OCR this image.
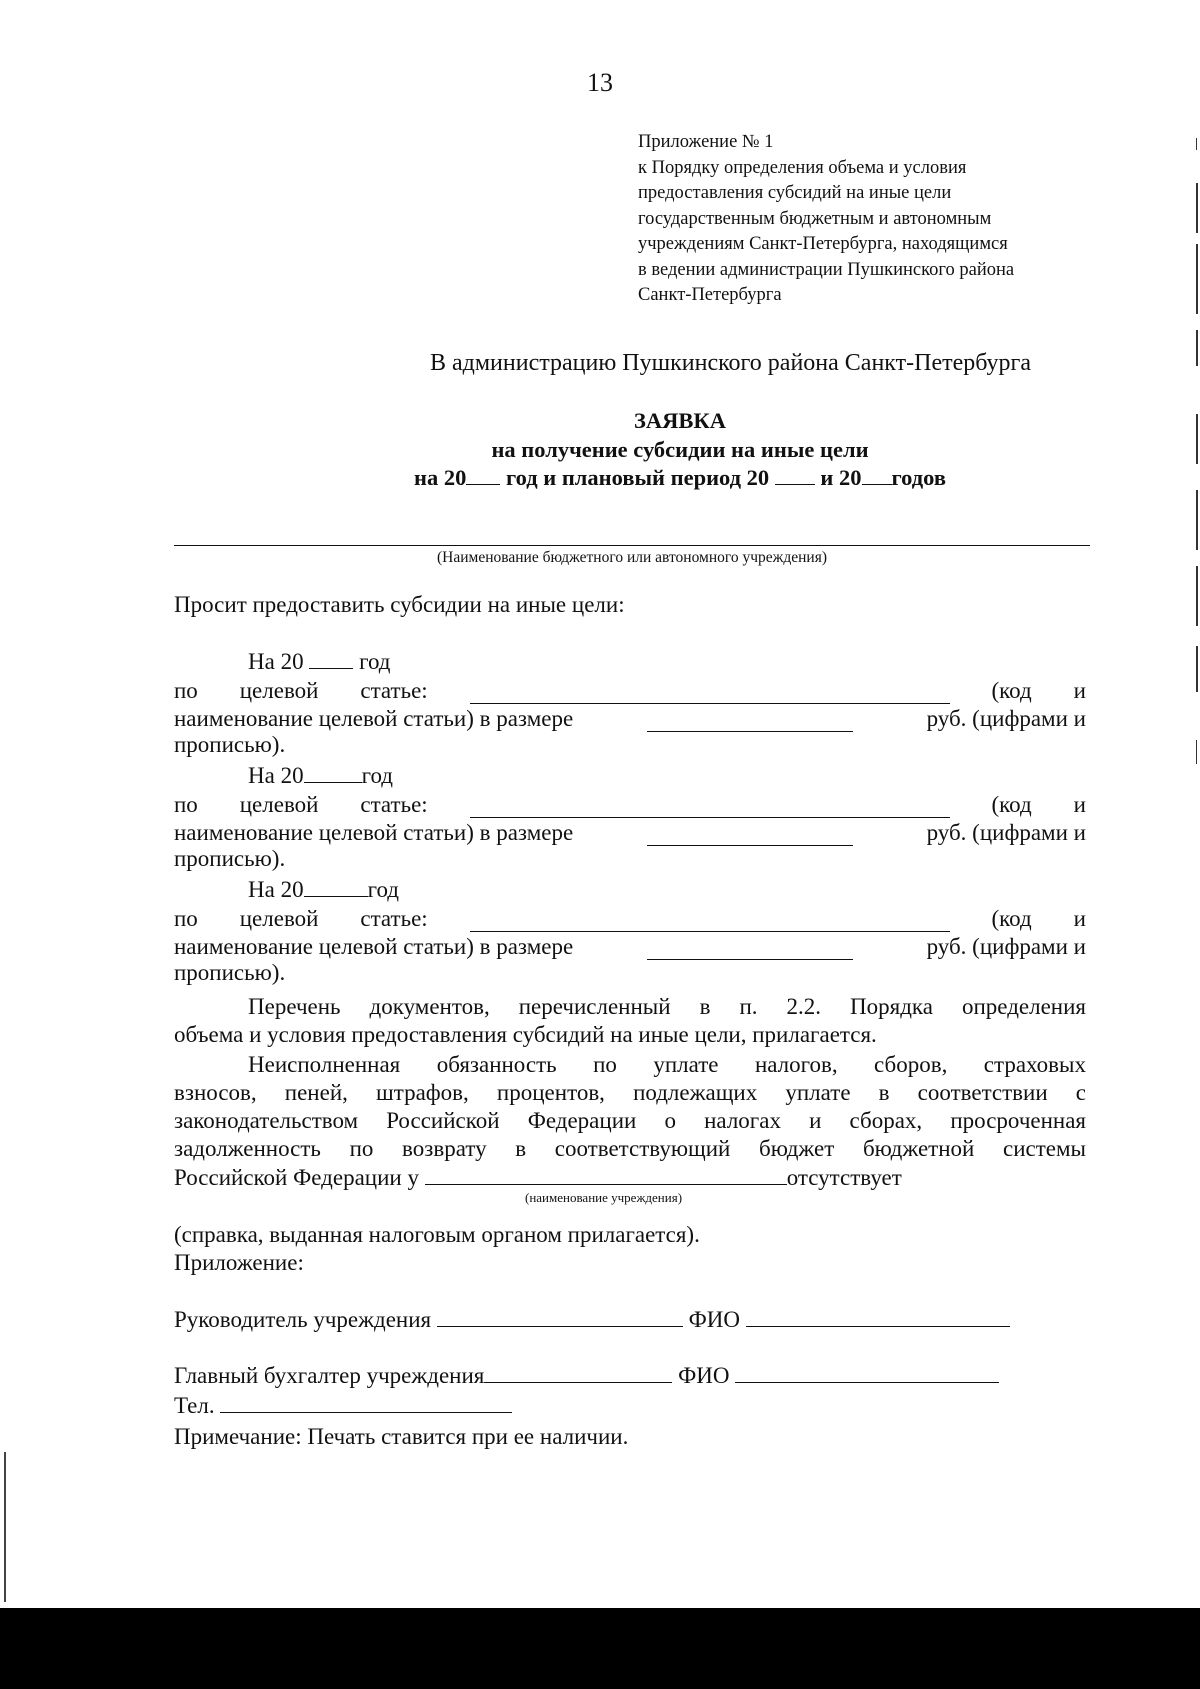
13
Приложение № 1
к Порядку определения объема и условия
предоставления субсидий на иные цели
государственным бюджетным и автономным
учреждениям Санкт-Петербурга, находящимся
в ведении администрации Пушкинского района
Санкт-Петербурга
В администрацию Пушкинского района Санкт-Петербурга
ЗАЯВКА
на получение субсидии на иные цели
на 20 год и плановый период 20 и 20 годов
(Наименование бюджетного или автономного учреждения)
Просит предоставить субсидии на иные цели:
На 20 год
по целевой статье:	(код и
наименование целевой статьи) в размере	руб. (цифрами и
прописью).
На 20	год
по целевой статье:	(код и
наименование целевой статьи) в размере	руб. (цифрами и
прописью).
На 20	год
по целевой статье:	(код и
наименование целевой статьи) в размере	руб. (цифрами и
прописью).
Перечень документов, перечисленный в п. 2.2. Порядка определения
объема и условия предоставления субсидий на иные цели, прилагается.
Неисполненная обязанность по уплате налогов, сборов, страховых
взносов, пеней, штрафов, процентов, подлежащих уплате в соответствии с
законодательством Российской Федерации о налогах и сборах, просроченная
задолженность по возврату в соответствующий бюджет бюджетной системы
Российской Федерации у	отсутствует
(наименование учреждения)
(справка, выданная налоговым органом прилагается).
Приложение:
Руководитель учреждения	ФИО
Главный бухгалтер учреждения	ФИО
Тел.
Примечание: Печать ставится при ее наличии.
